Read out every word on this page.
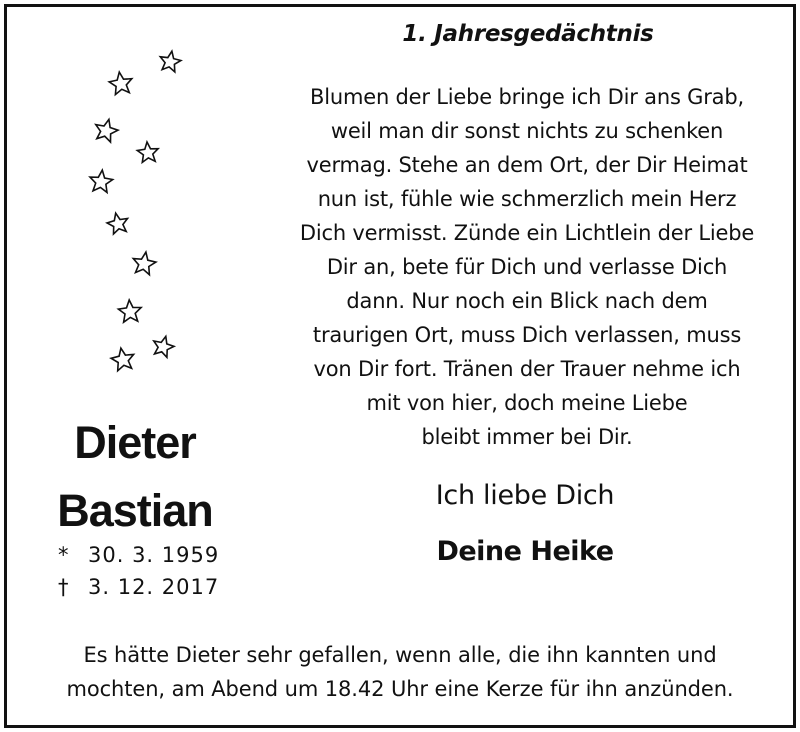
1. Jahresgedächtnis
Blumen der Liebe bringe ich Dir ans Grab,
weil man dir sonst nichts zu schenken
vermag. Stehe an dem Ort, der Dir Heimat
nun ist, fühle wie schmerzlich mein Herz
Dich vermisst. Zünde ein Lichtlein der Liebe
Dir an, bete für Dich und verlasse Dich
dann. Nur noch ein Blick nach dem
traurigen Ort, muss Dich verlassen, muss
von Dir fort. Tränen der Trauer nehme ich
mit von hier, doch meine Liebe
bleibt immer bei Dir.
Dieter
Bastian
* 30. 3. 1959
† 3. 12. 2017
Ich liebe Dich
Deine Heike
Es hätte Dieter sehr gefallen, wenn alle, die ihn kannten und
mochten, am Abend um 18.42 Uhr eine Kerze für ihn anzünden.
